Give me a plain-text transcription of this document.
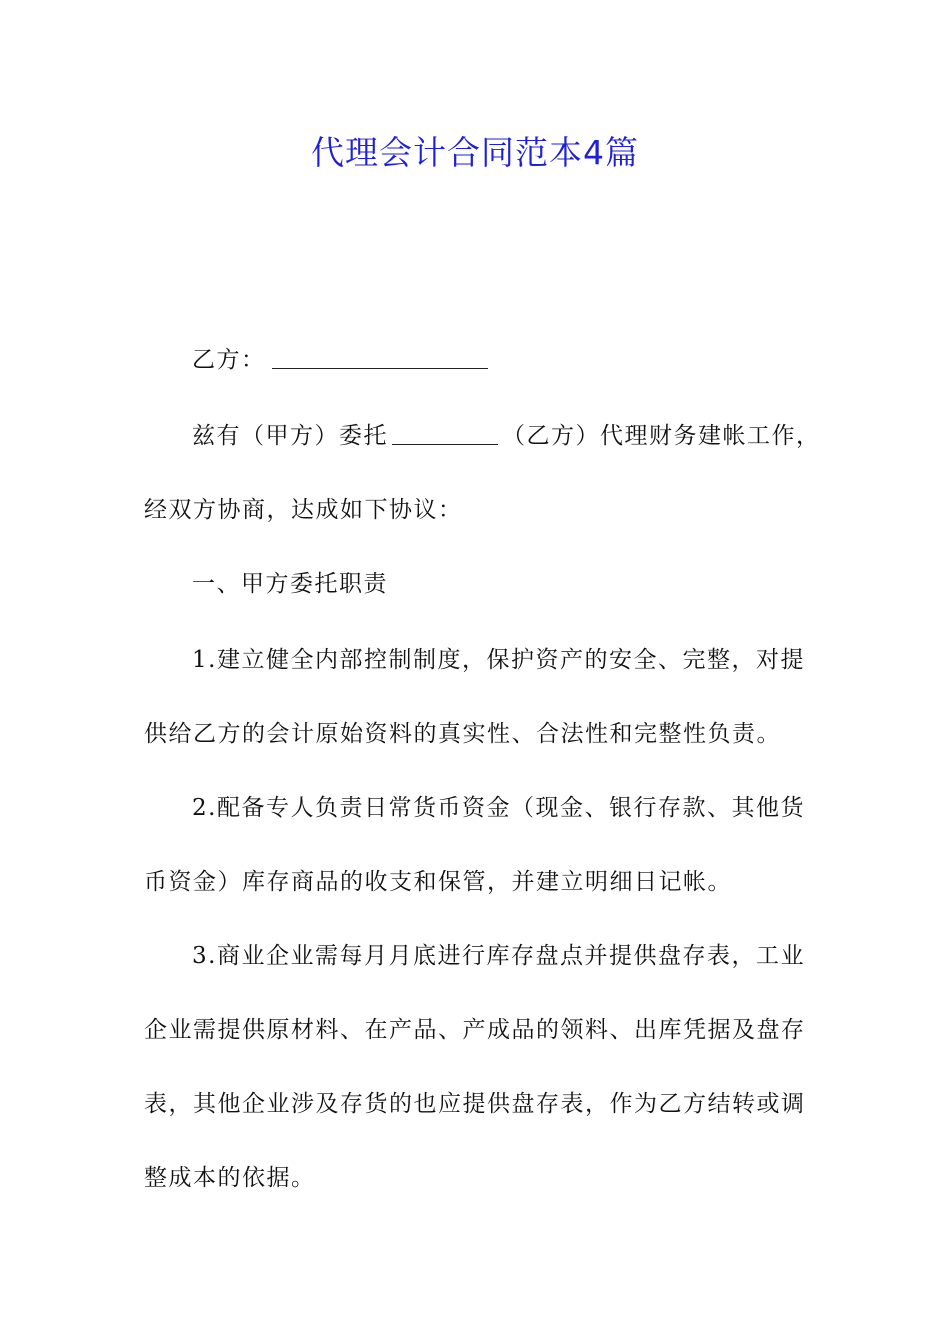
代理会计合同范本4篇
乙方：
兹有（甲方）委托	（乙方）代理财务建帐工作，
经双方协商，达成如下协议：
一、甲方委托职责
1.建立健全内部控制制度，保护资产的安全、完整，对提
供给乙方的会计原始资料的真实性、合法性和完整性负责。
2.配备专人负责日常货币资金（现金、银行存款、其他货
币资金）库存商品的收支和保管，并建立明细日记帐。
3.商业企业需每月月底进行库存盘点并提供盘存表，工业
企业需提供原材料、在产品、产成品的领料、出库凭据及盘存
表，其他企业涉及存货的也应提供盘存表，作为乙方结转或调
整成本的依据。
